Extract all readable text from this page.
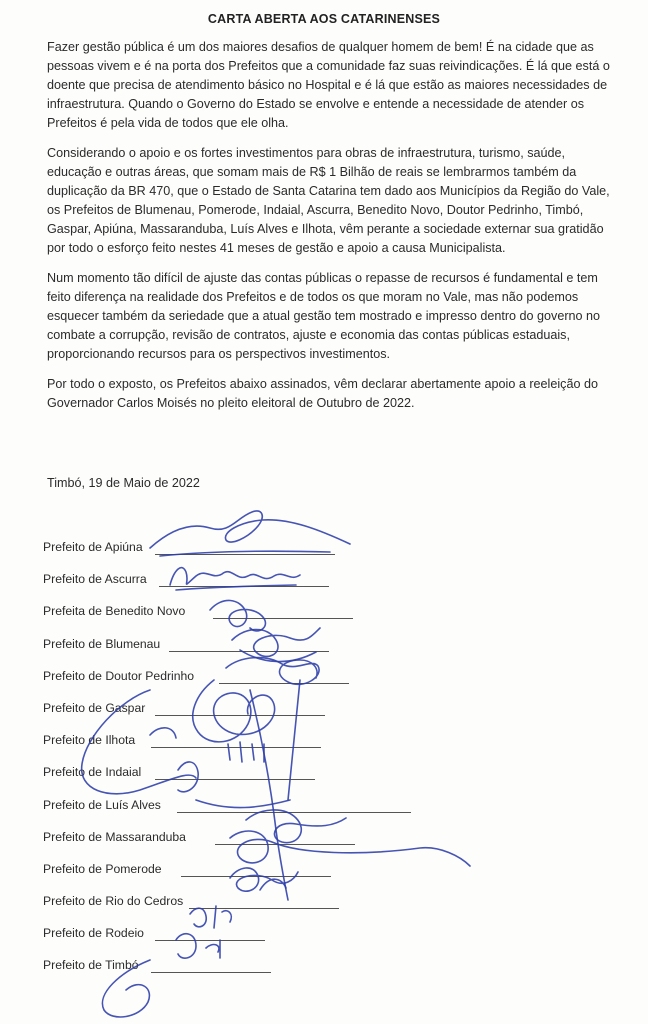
CARTA ABERTA AOS CATARINENSES

Fazer gestão pública é um dos maiores desafios de qualquer homem de bem! É na cidade que as pessoas vivem e é na porta dos Prefeitos que a comunidade faz suas reivindicações. É lá que está o doente que precisa de atendimento básico no Hospital e é lá que estão as maiores necessidades de infraestrutura. Quando o Governo do Estado se envolve e entende a necessidade de atender os Prefeitos é pela vida de todos que ele olha.

Considerando o apoio e os fortes investimentos para obras de infraestrutura, turismo, saúde, educação e outras áreas, que somam mais de R$ 1 Bilhão de reais se lembrarmos também da duplicação da BR 470, que o Estado de Santa Catarina tem dado aos Municípios da Região do Vale, os Prefeitos de Blumenau, Pomerode, Indaial, Ascurra, Benedito Novo, Doutor Pedrinho, Timbó, Gaspar, Apiúna, Massaranduba, Luís Alves e Ilhota, vêm perante a sociedade externar sua gratidão por todo o esforço feito nestes 41 meses de gestão e apoio a causa Municipalista.

Num momento tão difícil de ajuste das contas públicas o repasse de recursos é fundamental e tem feito diferença na realidade dos Prefeitos e de todos os que moram no Vale, mas não podemos esquecer também da seriedade que a atual gestão tem mostrado e impresso dentro do governo no combate a corrupção, revisão de contratos, ajuste e economia das contas públicas estaduais, proporcionando recursos para os perspectivos investimentos.

Por todo o exposto, os Prefeitos abaixo assinados, vêm declarar abertamente apoio a reeleição do Governador Carlos Moisés no pleito eleitoral de Outubro de 2022.

Timbó, 19 de Maio de 2022
Prefeito de Apiúna
Prefeito de Ascurra
Prefeita de Benedito Novo
Prefeito de Blumenau
Prefeito de Doutor Pedrinho
Prefeito de Gaspar
Prefeito de Ilhota
Prefeito de Indaial
Prefeito de Luís Alves
Prefeito de Massaranduba
Prefeito de Pomerode
Prefeito de Rio do Cedros
Prefeito de Rodeio
Prefeito de Timbó
